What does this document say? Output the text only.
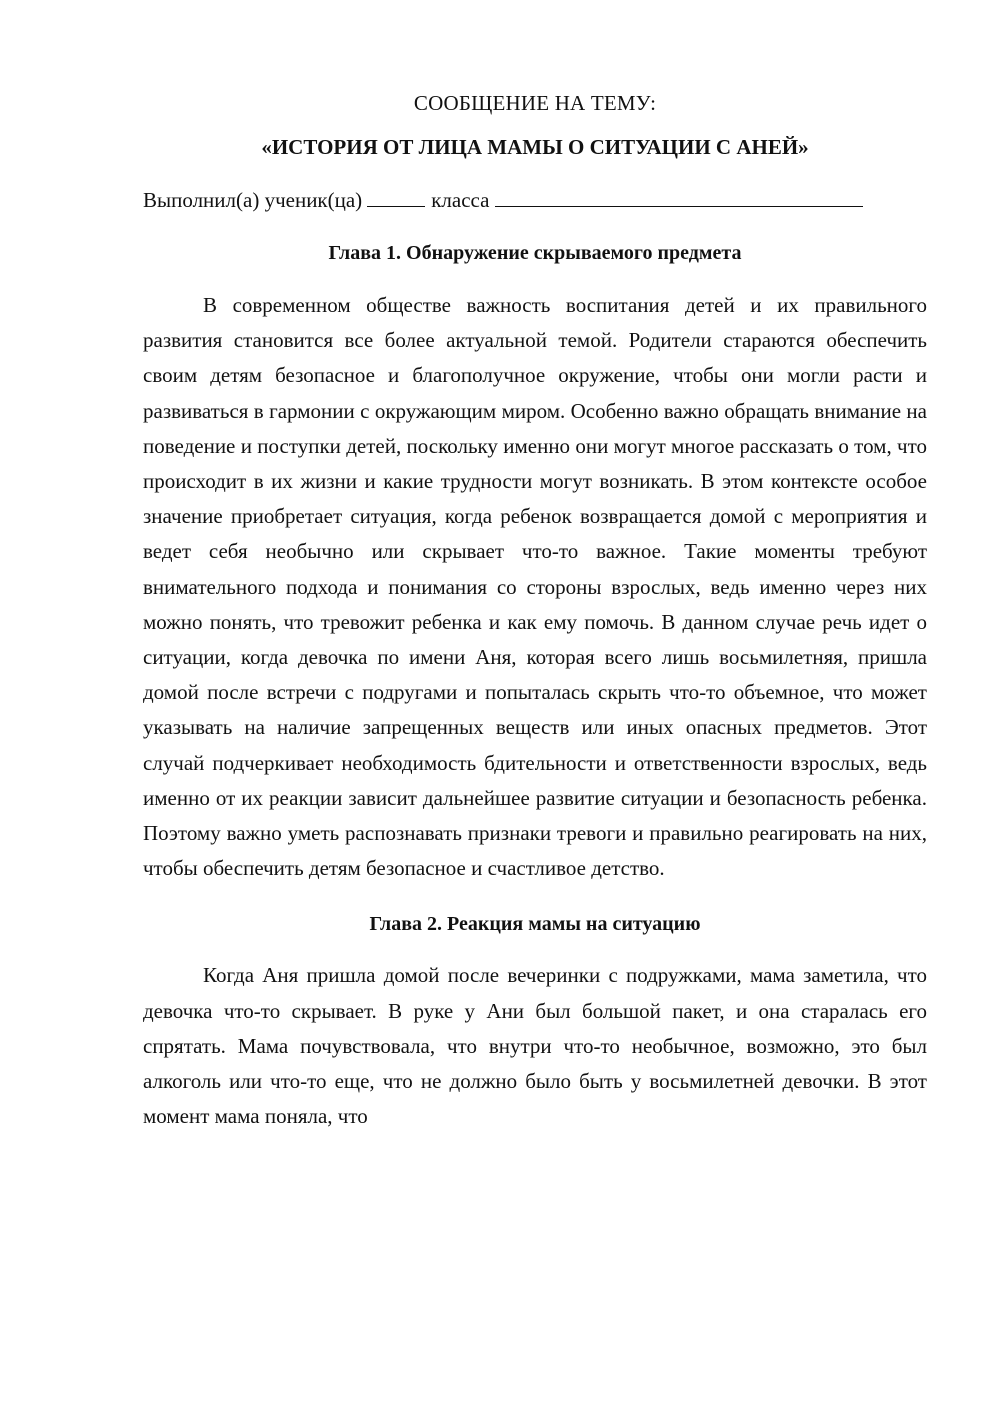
СООБЩЕНИЕ НА ТЕМУ:

«ИСТОРИЯ ОТ ЛИЦА МАМЫ О СИТУАЦИИ С АНЕЙ»

Выполнил(а) ученик(ца)	класса

Глава 1. Обнаружение скрываемого предмета

В современном обществе важность воспитания детей и их правильного развития становится все более актуальной темой. Родители стараются обеспечить своим детям безопасное и благополучное окружение, чтобы они могли расти и развиваться в гармонии с окружающим миром. Особенно важно обращать внимание на поведение и поступки детей, поскольку именно они могут многое рассказать о том, что происходит в их жизни и какие трудности могут возникать. В этом контексте особое значение приобретает ситуация, когда ребенок возвращается домой с мероприятия и ведет себя необычно или скрывает что-то важное. Такие моменты требуют внимательного подхода и понимания со стороны взрослых, ведь именно через них можно понять, что тревожит ребенка и как ему помочь. В данном случае речь идет о ситуации, когда девочка по имени Аня, которая всего лишь восьмилетняя, пришла домой после встречи с подругами и попыталась скрыть что-то объемное, что может указывать на наличие запрещенных веществ или иных опасных предметов. Этот случай подчеркивает необходимость бдительности и ответственности взрослых, ведь именно от их реакции зависит дальнейшее развитие ситуации и безопасность ребенка. Поэтому важно уметь распознавать признаки тревоги и правильно реагировать на них, чтобы обеспечить детям безопасное и счастливое детство.

Глава 2. Реакция мамы на ситуацию

Когда Аня пришла домой после вечеринки с подружками, мама заметила, что девочка что-то скрывает. В руке у Ани был большой пакет, и она старалась его спрятать. Мама почувствовала, что внутри что-то необычное, возможно, это был алкоголь или что-то еще, что не должно было быть у восьмилетней девочки. В этот момент мама поняла, что
